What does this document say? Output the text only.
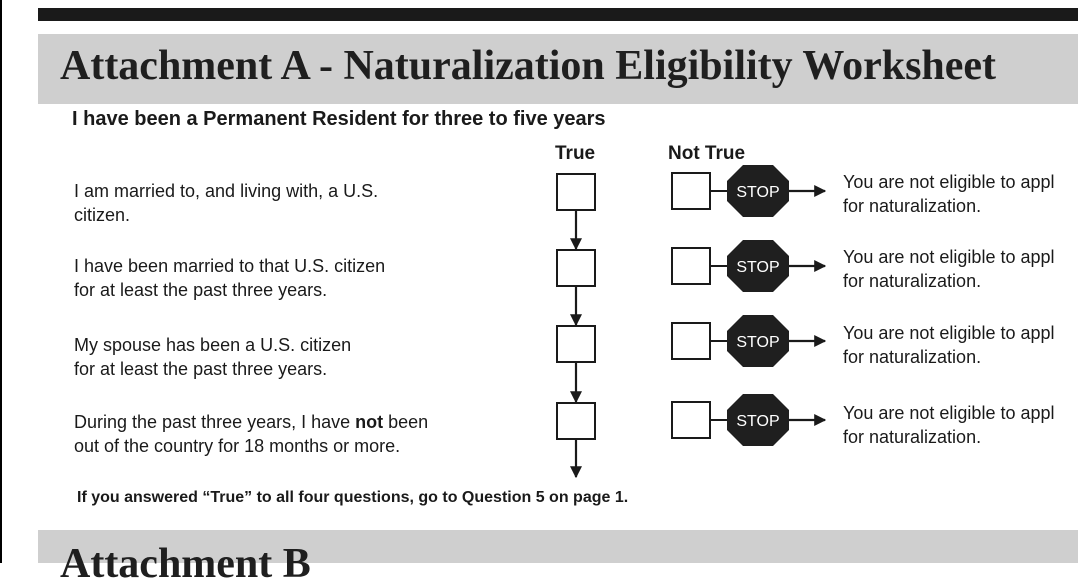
Attachment A - Naturalization Eligibility Worksheet

I have been a Permanent Resident for three to five years

True	Not True
I am married to, and living with, a U.S.
citizen.
I have been married to that U.S. citizen
for at least the past three years.
My spouse has been a U.S. citizen
for at least the past three years.
During the past three years, I have not been
out of the country for 18 months or more.
STOP
STOP
STOP
STOP
You are not eligible to appl
for naturalization.
You are not eligible to appl
for naturalization.
You are not eligible to appl
for naturalization.
You are not eligible to appl
for naturalization.

If you answered “True” to all four questions, go to Question 5 on page 1.

Attachment B
